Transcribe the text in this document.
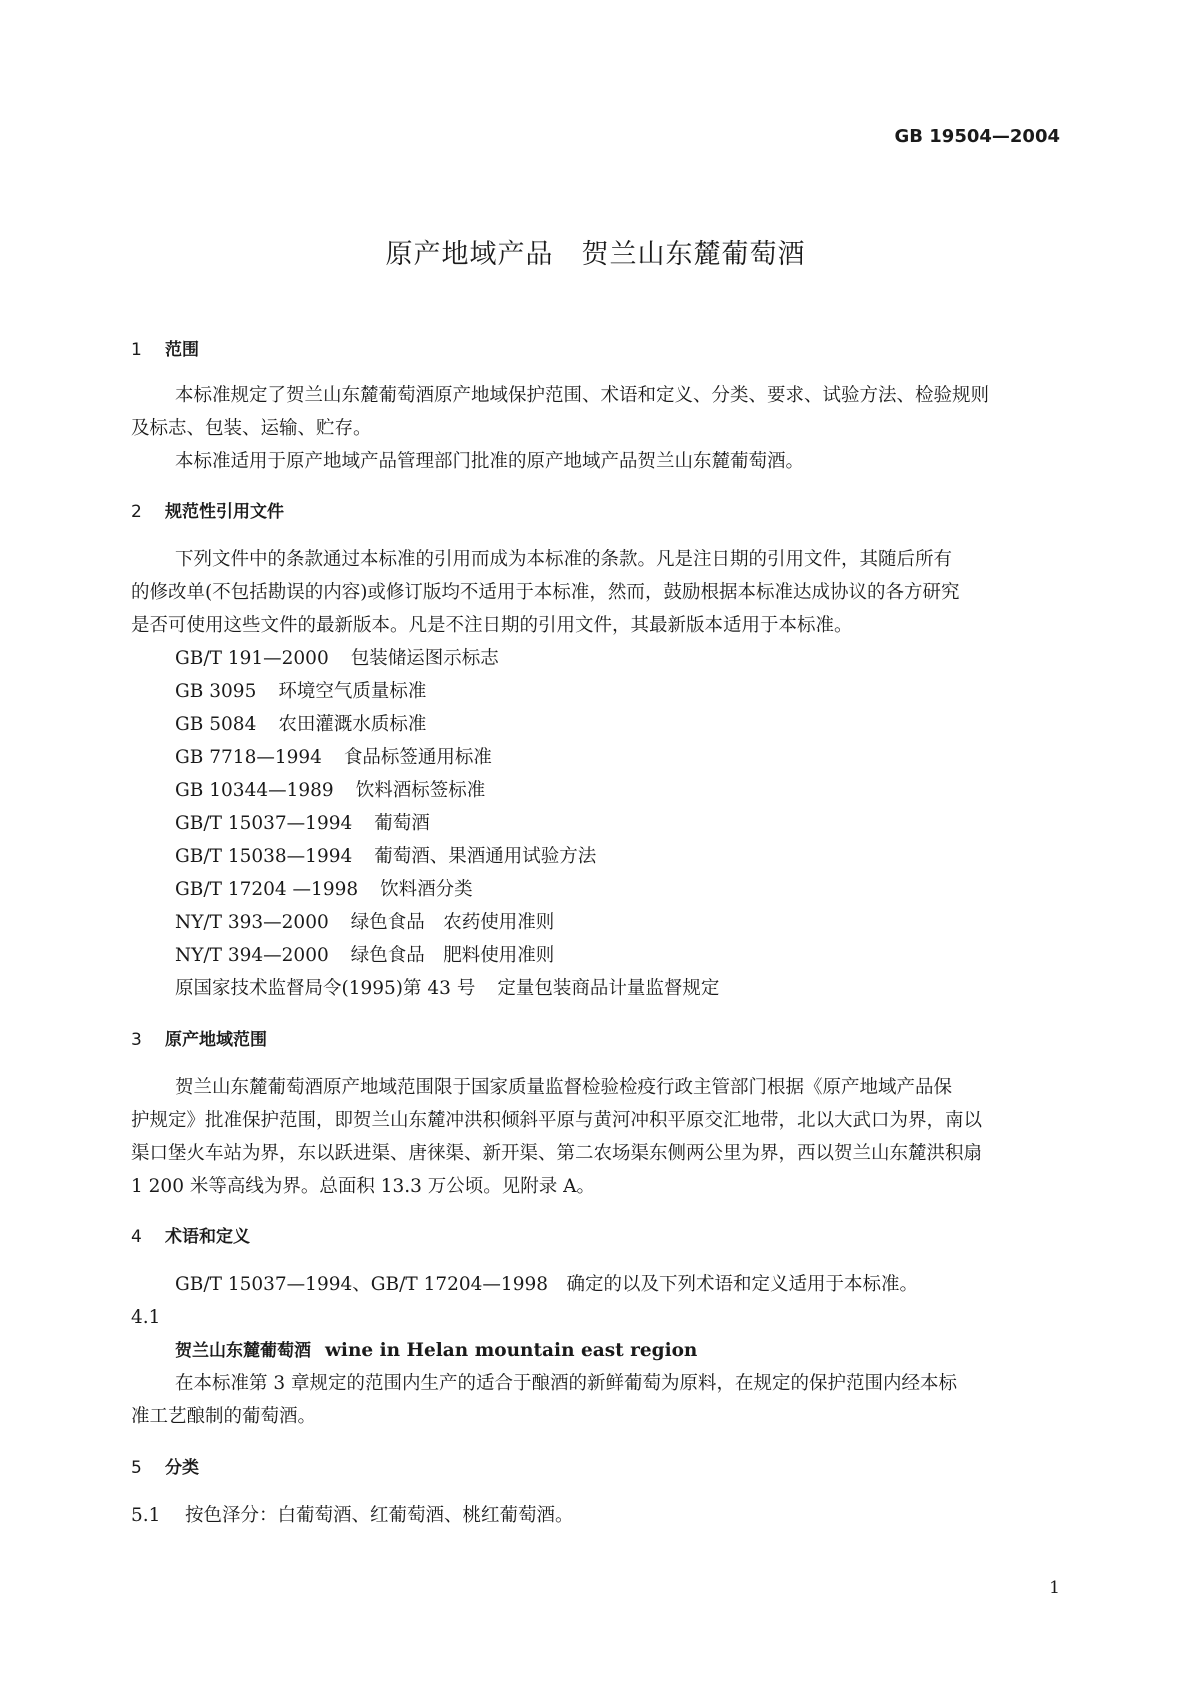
GB 19504—2004
原产地域产品　贺兰山东麓葡萄酒
1 范围
本标准规定了贺兰山东麓葡萄酒原产地域保护范围、术语和定义、分类、要求、试验方法、检验规则
及标志、包装、运输、贮存。
本标准适用于原产地域产品管理部门批准的原产地域产品贺兰山东麓葡萄酒。
2 规范性引用文件
下列文件中的条款通过本标准的引用而成为本标准的条款。凡是注日期的引用文件，其随后所有
的修改单(不包括勘误的内容)或修订版均不适用于本标准，然而，鼓励根据本标准达成协议的各方研究
是否可使用这些文件的最新版本。凡是不注日期的引用文件，其最新版本适用于本标准。
GB/T 191—2000 包装储运图示标志
GB 3095 环境空气质量标准
GB 5084 农田灌溉水质标准
GB 7718—1994 食品标签通用标准
GB 10344—1989 饮料酒标签标准
GB/T 15037—1994 葡萄酒
GB/T 15038—1994 葡萄酒、果酒通用试验方法
GB/T 17204 —1998 饮料酒分类
NY/T 393—2000 绿色食品　农药使用准则
NY/T 394—2000 绿色食品　肥料使用准则
原国家技术监督局令(1995)第 43 号 定量包装商品计量监督规定
3 原产地域范围
贺兰山东麓葡萄酒原产地域范围限于国家质量监督检验检疫行政主管部门根据《原产地域产品保
护规定》批准保护范围，即贺兰山东麓冲洪积倾斜平原与黄河冲积平原交汇地带，北以大武口为界，南以
渠口堡火车站为界，东以跃进渠、唐徕渠、新开渠、第二农场渠东侧两公里为界，西以贺兰山东麓洪积扇
1 200 米等高线为界。总面积 13.3 万公顷。见附录 A。
4 术语和定义
GB/T 15037—1994、GB/T 17204—1998　确定的以及下列术语和定义适用于本标准。
4.1
贺兰山东麓葡萄酒 wine in Helan mountain east region
在本标准第 3 章规定的范围内生产的适合于酿酒的新鲜葡萄为原料，在规定的保护范围内经本标
准工艺酿制的葡萄酒。
5 分类
5.1 按色泽分：白葡萄酒、红葡萄酒、桃红葡萄酒。
1
